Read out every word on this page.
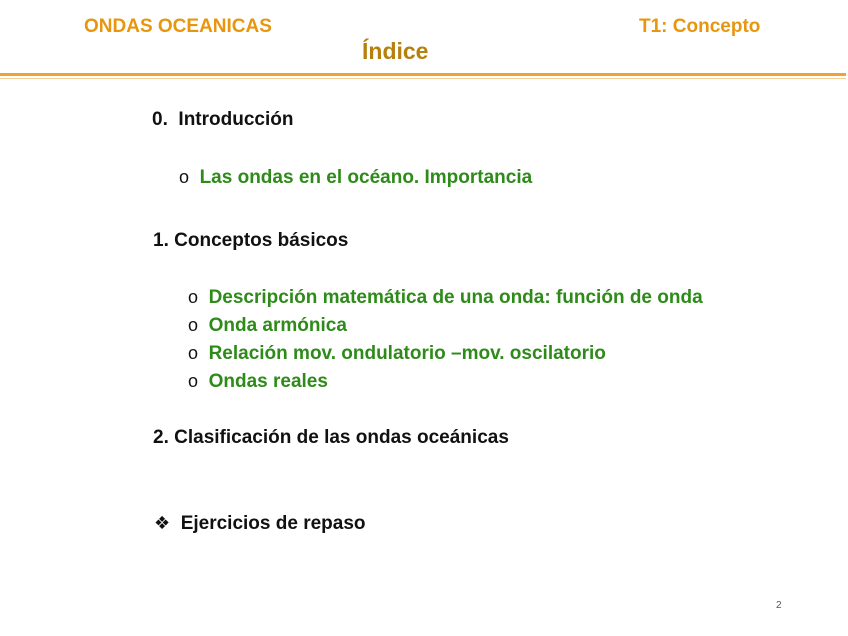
ONDAS OCEANICAS	T1: Concepto
Índice
0. Introducción
o Las ondas en el océano. Importancia
1. Conceptos básicos
o Descripción matemática de una onda: función de onda
o Onda armónica
o Relación mov. ondulatorio –mov. oscilatorio
o Ondas reales
2. Clasificación de las ondas oceánicas
❖ Ejercicios de repaso
2
